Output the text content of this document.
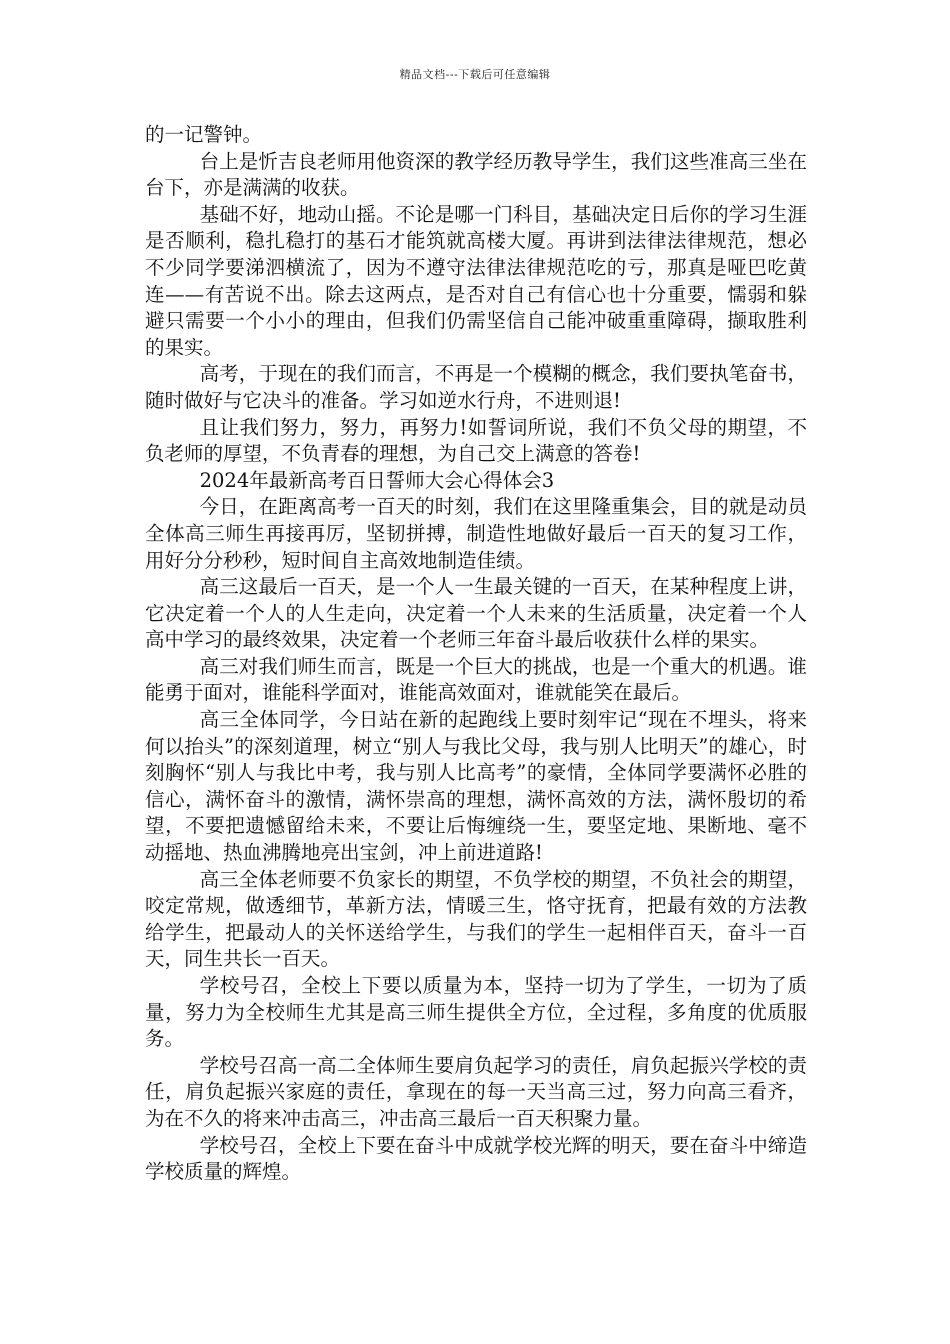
精品文档---下载后可任意编辑

的一记警钟。

台上是忻吉良老师用他资深的教学经历教导学生，我们这些准高三坐在台下，亦是满满的收获。

基础不好，地动山摇。不论是哪一门科目，基础决定日后你的学习生涯是否顺利，稳扎稳打的基石才能筑就高楼大厦。再讲到法律法律规范，想必不少同学要涕泗横流了，因为不遵守法律法律规范吃的亏，那真是哑巴吃黄连——有苦说不出。除去这两点，是否对自己有信心也十分重要，懦弱和躲避只需要一个小小的理由，但我们仍需坚信自己能冲破重重障碍，撷取胜利的果实。

高考，于现在的我们而言，不再是一个模糊的概念，我们要执笔奋书，随时做好与它决斗的准备。学习如逆水行舟，不进则退!

且让我们努力，努力，再努力!如誓词所说，我们不负父母的期望，不负老师的厚望，不负青春的理想，为自己交上满意的答卷!

2024年最新高考百日誓师大会心得体会3

今日，在距离高考一百天的时刻，我们在这里隆重集会，目的就是动员全体高三师生再接再厉，坚韧拼搏，制造性地做好最后一百天的复习工作，用好分分秒秒，短时间自主高效地制造佳绩。

高三这最后一百天，是一个人一生最关键的一百天，在某种程度上讲，它决定着一个人的人生走向，决定着一个人未来的生活质量，决定着一个人高中学习的最终效果，决定着一个老师三年奋斗最后收获什么样的果实。

高三对我们师生而言，既是一个巨大的挑战，也是一个重大的机遇。谁能勇于面对，谁能科学面对，谁能高效面对，谁就能笑在最后。

高三全体同学，今日站在新的起跑线上要时刻牢记“现在不埋头，将来何以抬头”的深刻道理，树立“别人与我比父母，我与别人比明天”的雄心，时刻胸怀“别人与我比中考，我与别人比高考”的豪情，全体同学要满怀必胜的信心，满怀奋斗的激情，满怀崇高的理想，满怀高效的方法，满怀殷切的希望，不要把遗憾留给未来，不要让后悔缠绕一生，要坚定地、果断地、毫不动摇地、热血沸腾地亮出宝剑，冲上前进道路!

高三全体老师要不负家长的期望，不负学校的期望，不负社会的期望，咬定常规，做透细节，革新方法，情暖三生，恪守抚育，把最有效的方法教给学生，把最动人的关怀送给学生，与我们的学生一起相伴百天，奋斗一百天，同生共长一百天。

学校号召，全校上下要以质量为本，坚持一切为了学生，一切为了质量，努力为全校师生尤其是高三师生提供全方位，全过程，多角度的优质服务。

学校号召高一高二全体师生要肩负起学习的责任，肩负起振兴学校的责任，肩负起振兴家庭的责任，拿现在的每一天当高三过，努力向高三看齐，为在不久的将来冲击高三，冲击高三最后一百天积聚力量。

学校号召，全校上下要在奋斗中成就学校光辉的明天，要在奋斗中缔造学校质量的辉煌。
